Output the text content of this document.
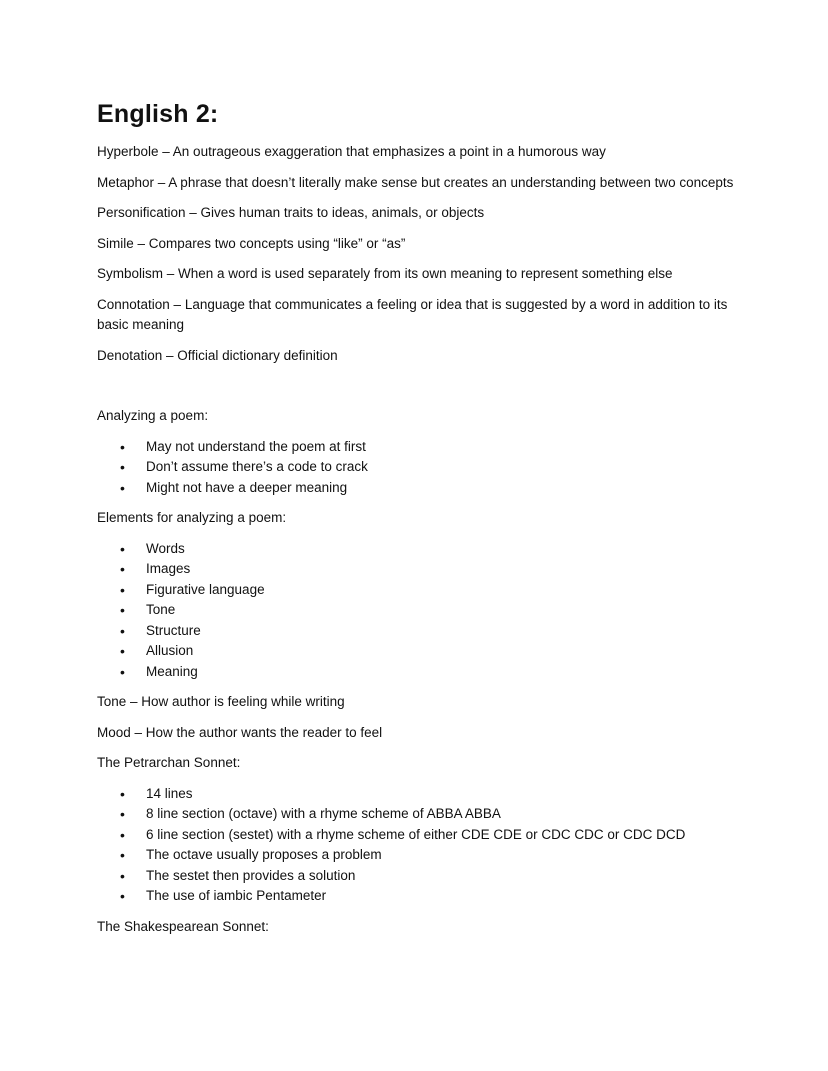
English 2:

Hyperbole – An outrageous exaggeration that emphasizes a point in a humorous way

Metaphor – A phrase that doesn’t literally make sense but creates an understanding between two concepts

Personification – Gives human traits to ideas, animals, or objects

Simile – Compares two concepts using “like” or “as”

Symbolism – When a word is used separately from its own meaning to represent something else

Connotation – Language that communicates a feeling or idea that is suggested by a word in addition to its basic meaning

Denotation – Official dictionary definition

Analyzing a poem:

• May not understand the poem at first
• Don’t assume there’s a code to crack
• Might not have a deeper meaning

Elements for analyzing a poem:

• Words
• Images
• Figurative language
• Tone
• Structure
• Allusion
• Meaning

Tone – How author is feeling while writing

Mood – How the author wants the reader to feel

The Petrarchan Sonnet:

• 14 lines
• 8 line section (octave) with a rhyme scheme of ABBA ABBA
• 6 line section (sestet) with a rhyme scheme of either CDE CDE or CDC CDC or CDC DCD
• The octave usually proposes a problem
• The sestet then provides a solution
• The use of iambic Pentameter

The Shakespearean Sonnet:
